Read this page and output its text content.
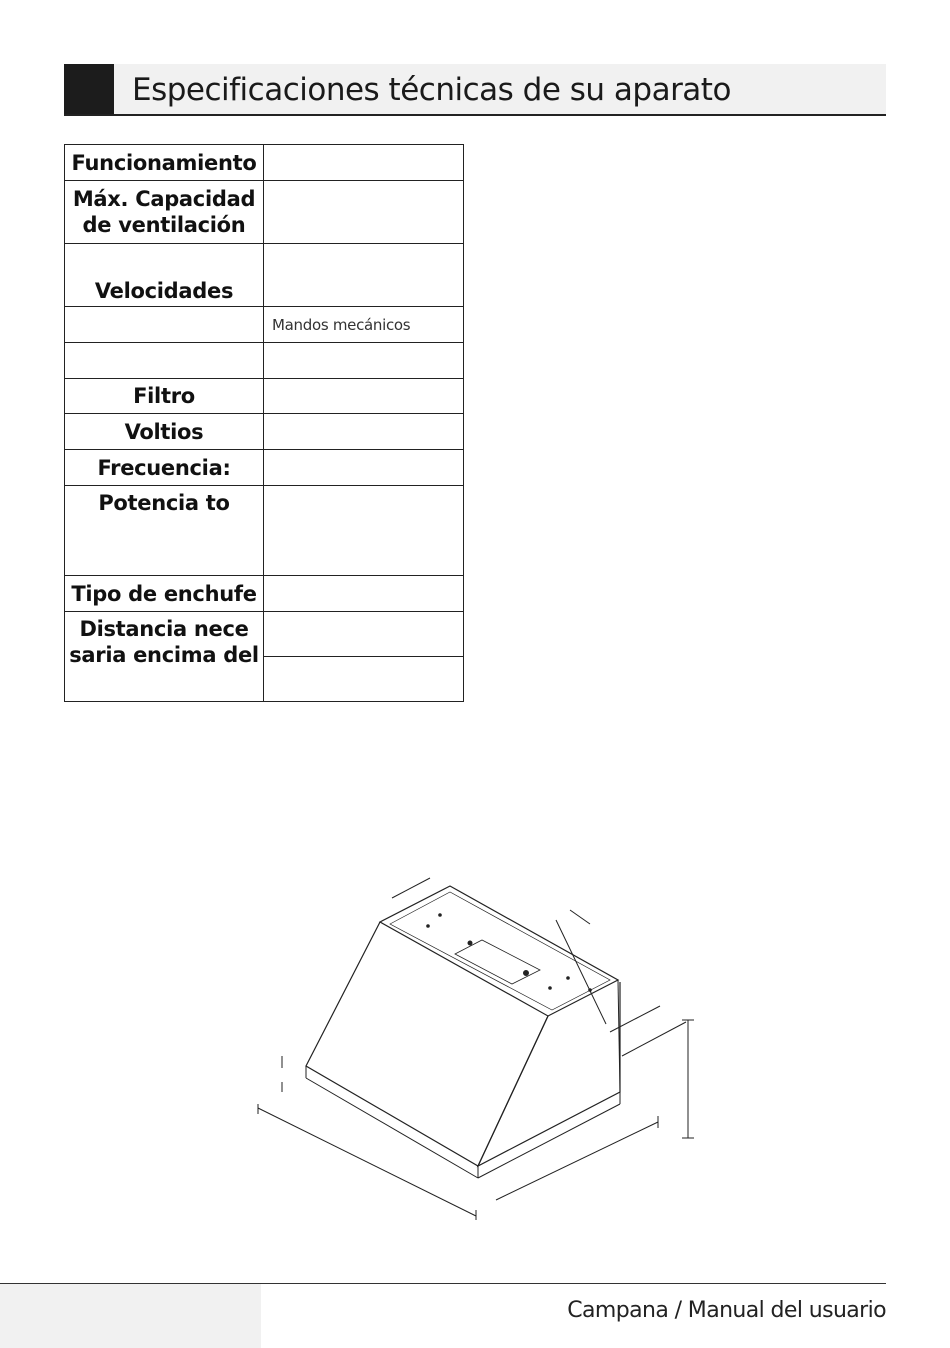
Especificaciones técnicas de su aparato
Funcionamiento	
Máx. Capacidad de ventilación	
Velocidades	
	Mandos mecánicos

Filtro	
Voltios	
Frecuencia:	
Potencia to	
Tipo de enchufe	
Distancia nece saria encima del	

Campana / Manual del usuario
